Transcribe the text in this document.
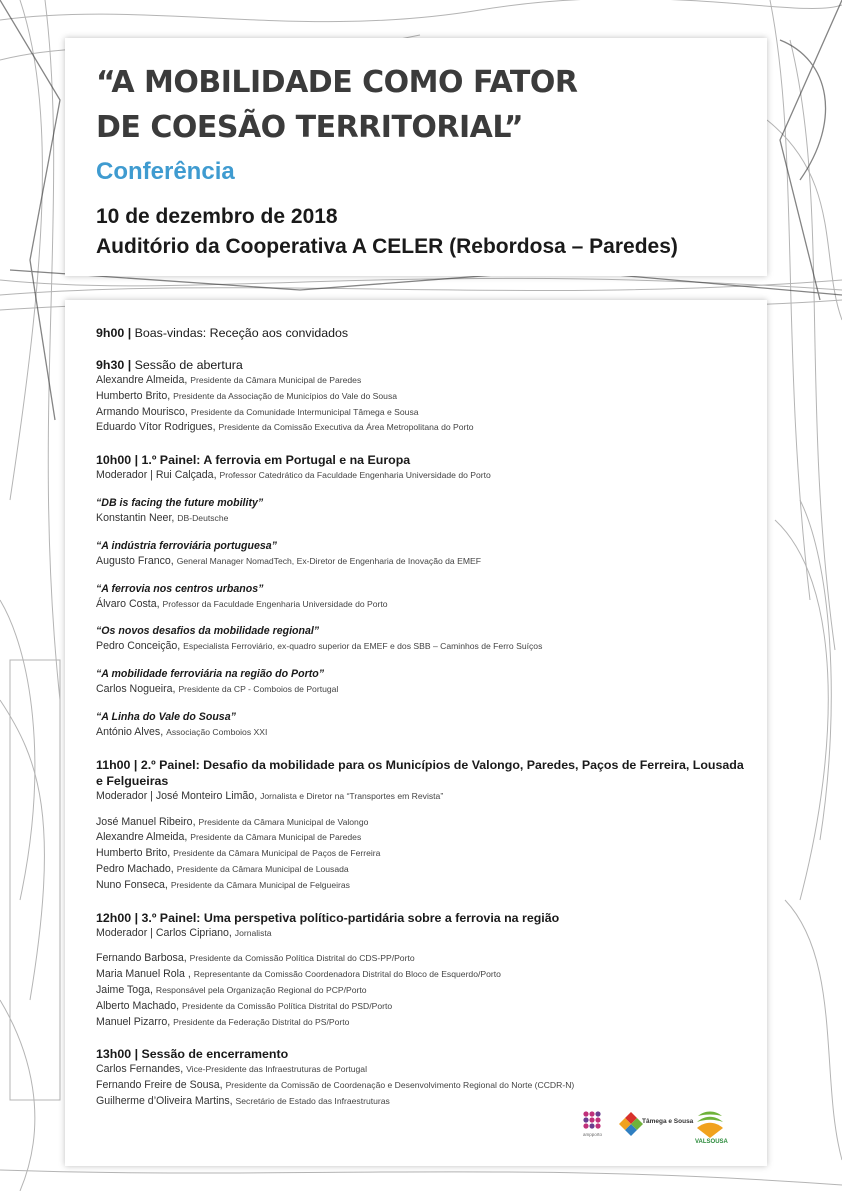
“A MOBILIDADE COMO FATOR
DE COESÃO TERRITORIAL”
Conferência
10 de dezembro de 2018
Auditório da Cooperativa A CELER (Rebordosa – Paredes)
9h00 | Boas-vindas: Receção aos convidados
9h30 | Sessão de abertura
Alexandre Almeida, Presidente da Câmara Municipal de Paredes
Humberto Brito, Presidente da Associação de Municípios do Vale do Sousa
Armando Mourisco, Presidente da Comunidade Intermunicipal Tâmega e Sousa
Eduardo Vítor Rodrigues, Presidente da Comissão Executiva da Área Metropolitana do Porto
10h00 | 1.º Painel: A ferrovia em Portugal e na Europa
Moderador | Rui Calçada, Professor Catedrático da Faculdade Engenharia Universidade do Porto
“DB is facing the future mobility”
Konstantin Neer, DB-Deutsche
“A indústria ferroviária portuguesa”
Augusto Franco, General Manager NomadTech, Ex-Diretor de Engenharia de Inovação da EMEF
“A ferrovia nos centros urbanos”
Álvaro Costa, Professor da Faculdade Engenharia Universidade do Porto
“Os novos desafios da mobilidade regional”
Pedro Conceição, Especialista Ferroviário, ex-quadro superior da EMEF e dos SBB – Caminhos de Ferro Suíços
“A mobilidade ferroviária na região do Porto”
Carlos Nogueira, Presidente da CP - Comboios de Portugal
“A Linha do Vale do Sousa”
António Alves, Associação Comboios XXI
11h00 | 2.º Painel: Desafio da mobilidade para os Municípios de Valongo, Paredes, Paços de Ferreira, Lousada e Felgueiras
Moderador | José Monteiro Limão, Jornalista e Diretor na “Transportes em Revista”
José Manuel Ribeiro, Presidente da Câmara Municipal de Valongo
Alexandre Almeida, Presidente da Câmara Municipal de Paredes
Humberto Brito, Presidente da Câmara Municipal de Paços de Ferreira
Pedro Machado, Presidente da Câmara Municipal de Lousada
Nuno Fonseca, Presidente da Câmara Municipal de Felgueiras
12h00 | 3.º Painel: Uma perspetiva político-partidária sobre a ferrovia na região
Moderador | Carlos Cipriano, Jornalista
Fernando Barbosa, Presidente da Comissão Política Distrital do CDS-PP/Porto
Maria Manuel Rola , Representante da Comissão Coordenadora Distrital do Bloco de Esquerdo/Porto
Jaime Toga, Responsável pela Organização Regional do PCP/Porto
Alberto Machado, Presidente da Comissão Política Distrital do PSD/Porto
Manuel Pizarro, Presidente da Federação Distrital do PS/Porto
13h00 | Sessão de encerramento
Carlos Fernandes, Vice-Presidente das Infraestruturas de Portugal
Fernando Freire de Sousa, Presidente da Comissão de Coordenação e Desenvolvimento Regional do Norte (CCDR-N)
Guilherme d’Oliveira Martins, Secretário de Estado das Infraestruturas
ampporto
Tâmega e Sousa
VALSOUSA
